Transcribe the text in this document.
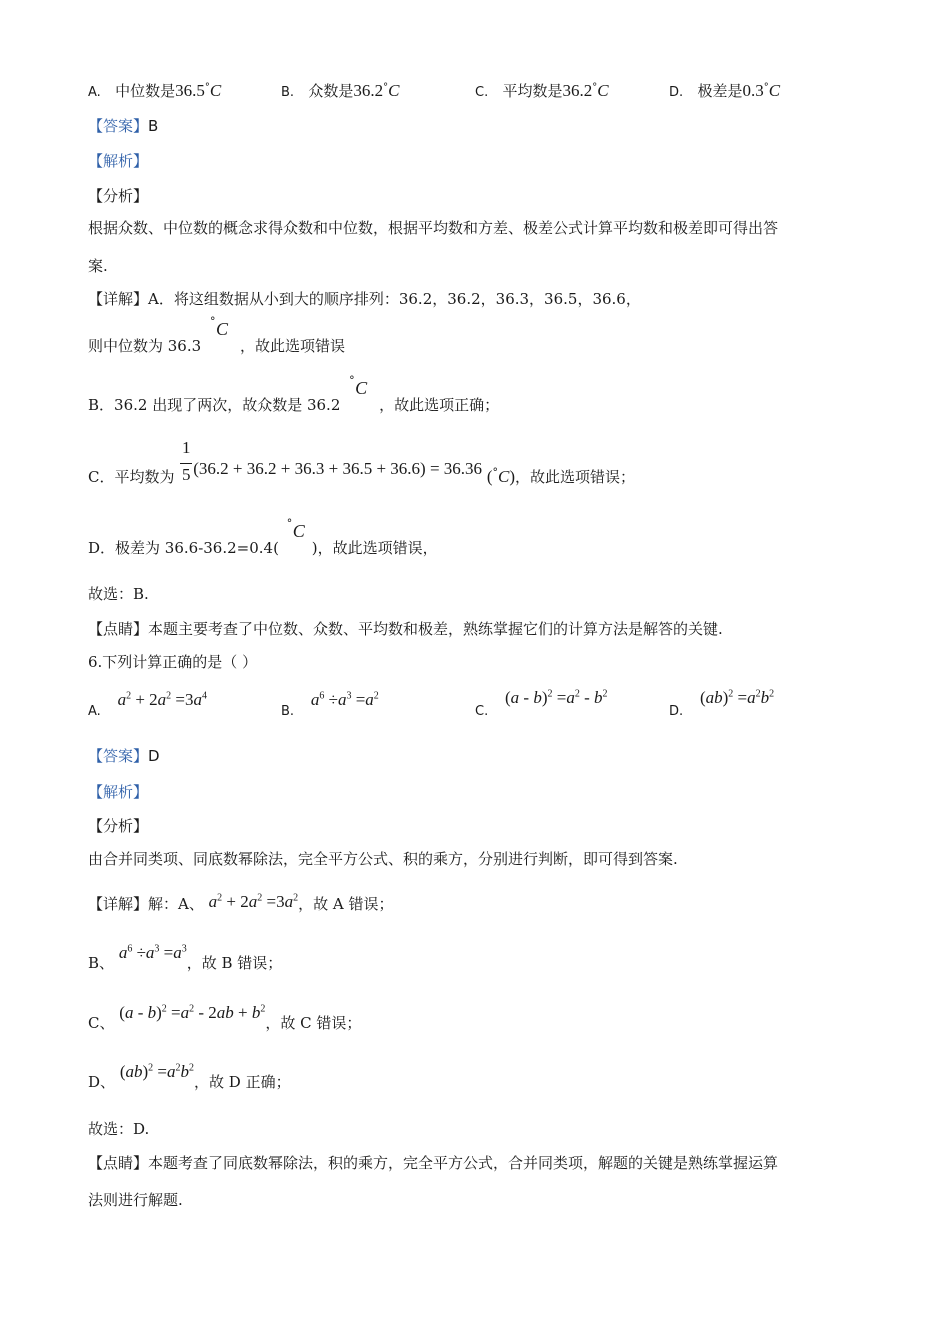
A. 中位数是36.5°C	B. 众数是36.2°C	C. 平均数是36.2°C	D. 极差是0.3°C
【答案】B
【解析】
【分析】
根据众数、中位数的概念求得众数和中位数，根据平均数和方差、极差公式计算平均数和极差即可得出答
案.
【详解】A．将这组数据从小到大的顺序排列：36.2，36.2，36.3，36.5，36.6，
则中位数为 36.3
° C
，故此选项错误
B．36.2 出现了两次，故众数是 36.2
° C
，故此选项正确；
C．平均数为 $\frac{1}{5} (36.2 + 36.2 + 36.3 + 36.5 + 36.6) = 36.36$ (°C)，故此选项错误；
D．极差为 36.6-36.2=0.4(
° C
)，故此选项错误，
故选：B.
【点睛】本题主要考查了中位数、众数、平均数和极差，熟练掌握它们的计算方法是解答的关键.
6.下列计算正确的是（ ）
A. $a^2 + 2a^2 =3a^4$
B. $a^6 \div a^3 =a^2$
C. $(a - b)^2 =a^2 - b^2$
D. $(ab)^2 =a^2b^2$
【答案】D
【解析】
【分析】
由合并同类项、同底数幂除法，完全平方公式、积的乘方，分别进行判断，即可得到答案.
【详解】解：A、 $a^2 + 2a^2 =3a^2$，故 A 错误；
B、 $a^6 \div a^3 =a^3$，故 B 错误；
C、 $(a - b)^2 =a^2 - 2ab + b^2$，故 C 错误；
D、 $(ab)^2 =a^2b^2$，故 D 正确；
故选：D.
【点睛】本题考查了同底数幂除法，积的乘方，完全平方公式，合并同类项，解题的关键是熟练掌握运算
法则进行解题.
